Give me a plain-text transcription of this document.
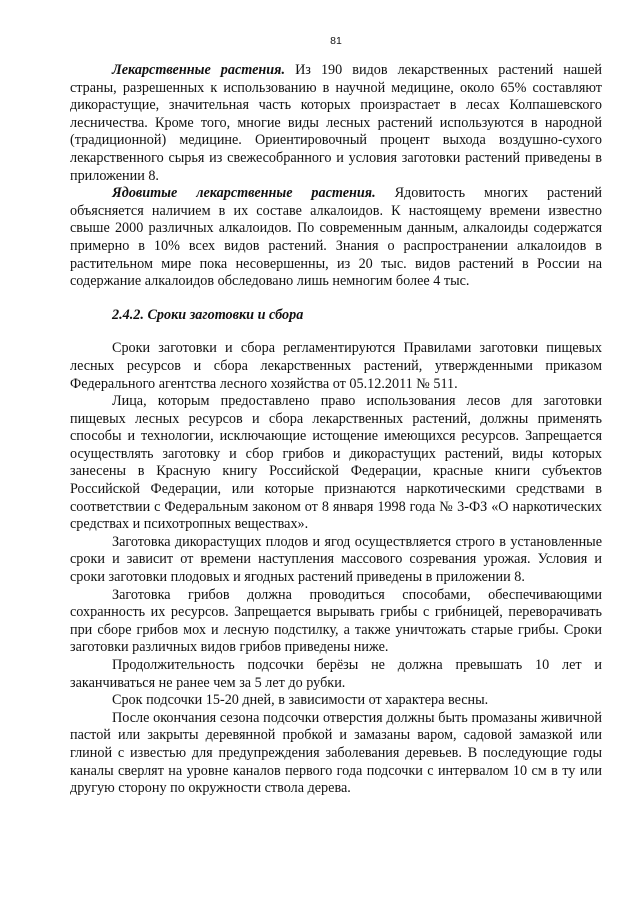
81

Лекарственные растения. Из 190 видов лекарственных растений нашей страны, разрешенных к использованию в научной медицине, около 65% составляют дикорастущие, значительная часть которых произрастает в лесах Колпашевского лесничества. Кроме того, многие виды лесных растений используются в народной (традиционной) медицине. Ориентировочный процент выхода воздушно-сухого лекарственного сырья из свежесобранного и условия заготовки растений приведены в приложении 8.

Ядовитые лекарственные растения. Ядовитость многих растений объясняется наличием в их составе алкалоидов. К настоящему времени известно свыше 2000 различных алкалоидов. По современным данным, алкалоиды содержатся примерно в 10% всех видов растений. Знания о распространении алкалоидов в растительном мире пока несовершенны, из 20 тыс. видов растений в России на содержание алкалоидов обследовано лишь немногим более 4 тыс.

2.4.2. Сроки заготовки и сбора

Сроки заготовки и сбора регламентируются Правилами заготовки пищевых лесных ресурсов и сбора лекарственных растений, утвержденными приказом Федерального агентства лесного хозяйства от 05.12.2011 № 511.

Лица, которым предоставлено право использования лесов для заготовки пищевых лесных ресурсов и сбора лекарственных растений, должны применять способы и технологии, исключающие истощение имеющихся ресурсов. Запрещается осуществлять заготовку и сбор грибов и дикорастущих растений, виды которых занесены в Красную книгу Российской Федерации, красные книги субъектов Российской Федерации, или которые признаются наркотическими средствами в соответствии с Федеральным законом от 8 января 1998 года № 3-ФЗ «О наркотических средствах и психотропных веществах».

Заготовка дикорастущих плодов и ягод осуществляется строго в установленные сроки и зависит от времени наступления массового созревания урожая. Условия и сроки заготовки плодовых и ягодных растений приведены в приложении 8.

Заготовка грибов должна проводиться способами, обеспечивающими сохранность их ресурсов. Запрещается вырывать грибы с грибницей, переворачивать при сборе грибов мох и лесную подстилку, а также уничтожать старые грибы. Сроки заготовки различных видов грибов приведены ниже.

Продолжительность подсочки берёзы не должна превышать 10 лет и заканчиваться не ранее чем за 5 лет до рубки.

Срок подсочки 15-20 дней, в зависимости от характера весны.

После окончания сезона подсочки отверстия должны быть промазаны живичной пастой или закрыты деревянной пробкой и замазаны варом, садовой замазкой или глиной с известью для предупреждения заболевания деревьев. В последующие годы каналы сверлят на уровне каналов первого года подсочки с интервалом 10 см в ту или другую сторону по окружности ствола дерева.
